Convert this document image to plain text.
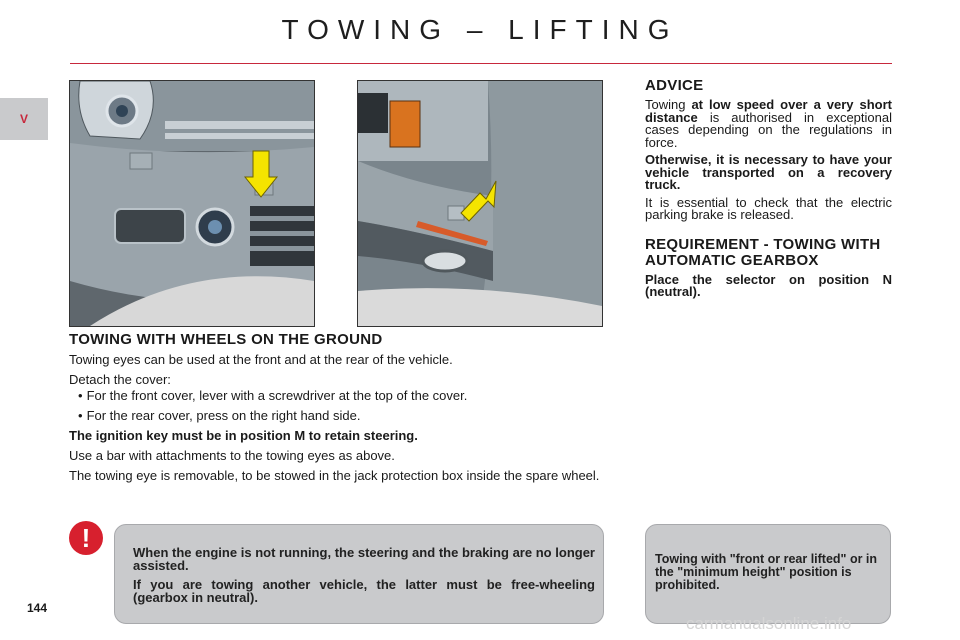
TOWING – LIFTING
V
TOWING WITH WHEELS ON THE GROUND

Towing eyes can be used at the front and at the rear of the vehicle.

Detach the cover:

• For the front cover, lever with a screwdriver at the top of the cover.
• For the rear cover, press on the right hand side.

The ignition key must be in position M to retain steering.

Use a bar with attachments to the towing eyes as above.

The towing eye is removable, to be stowed in the jack protection box inside the spare wheel.

ADVICE

Towing at low speed over a very short distance is authorised in exceptional cases depending on the regulations in force.

Otherwise, it is necessary to have your vehicle transported on a recovery truck.

It is essential to check that the electric parking brake is released.

REQUIREMENT - TOWING WITH AUTOMATIC GEARBOX

Place the selector on position N (neutral).

!	When the engine is not running, the steering and the braking are no longer assisted.

If you are towing another vehicle, the latter must be free-wheeling (gearbox in neutral).

Towing with "front or rear lifted" or in the "minimum height" position is prohibited.
144
carmanualsonline.info
